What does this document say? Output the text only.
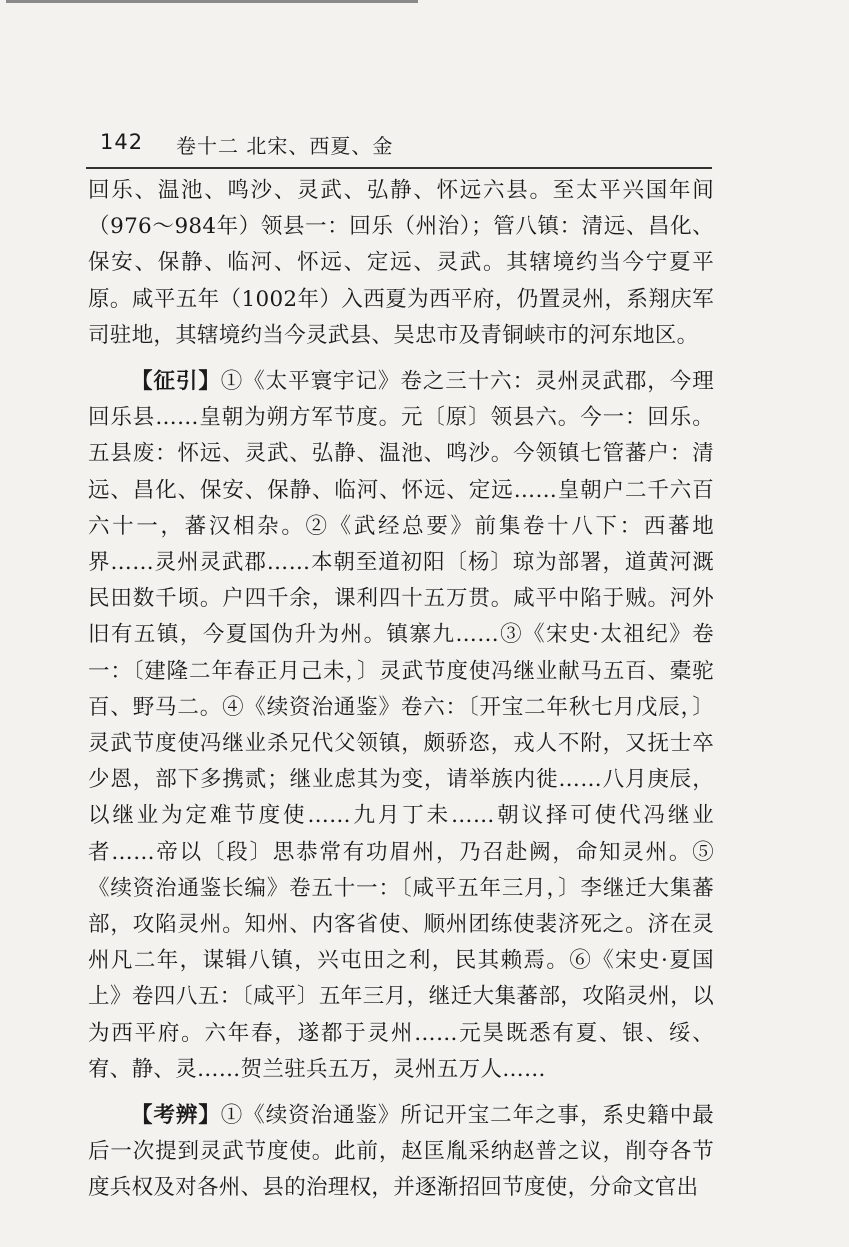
142 卷十二 北宋、西夏、金

回乐、温池、鸣沙、灵武、弘静、怀远六县。至太平兴国年间（976～984年）领县一：回乐（州治）；管八镇：清远、昌化、保安、保静、临河、怀远、定远、灵武。其辖境约当今宁夏平原。咸平五年（1002年）入西夏为西平府，仍置灵州，系翔庆军司驻地，其辖境约当今灵武县、吴忠市及青铜峡市的河东地区。

【征引】①《太平寰宇记》卷之三十六：灵州灵武郡，今理回乐县……皇朝为朔方军节度。元〔原〕领县六。今一：回乐。五县废：怀远、灵武、弘静、温池、鸣沙。今领镇七管蕃户：清远、昌化、保安、保静、临河、怀远、定远……皇朝户二千六百六十一，蕃汉相杂。②《武经总要》前集卷十八下：西蕃地界……灵州灵武郡……本朝至道初阳〔杨〕琼为部署，道黄河溉民田数千顷。户四千余，课利四十五万贯。咸平中陷于贼。河外旧有五镇，今夏国伪升为州。镇寨九……③《宋史·太祖纪》卷一：〔建隆二年春正月己未，〕灵武节度使冯继业献马五百、橐驼百、野马二。④《续资治通鉴》卷六：〔开宝二年秋七月戊辰，〕灵武节度使冯继业杀兄代父领镇，颇骄恣，戎人不附，又抚士卒少恩，部下多携贰；继业虑其为变，请举族内徙……八月庚辰，以继业为定难节度使……九月丁未……朝议择可使代冯继业者……帝以〔段〕思恭常有功眉州，乃召赴阙，命知灵州。⑤《续资治通鉴长编》卷五十一：〔咸平五年三月，〕李继迁大集蕃部，攻陷灵州。知州、内客省使、顺州团练使裴济死之。济在灵州凡二年，谋辑八镇，兴屯田之利，民其赖焉。⑥《宋史·夏国上》卷四八五：〔咸平〕五年三月，继迁大集蕃部，攻陷灵州，以为西平府。六年春，遂都于灵州……元昊既悉有夏、银、绥、宥、静、灵……贺兰驻兵五万，灵州五万人……

【考辨】①《续资治通鉴》所记开宝二年之事，系史籍中最后一次提到灵武节度使。此前，赵匡胤采纳赵普之议，削夺各节度兵权及对各州、县的治理权，并逐渐招回节度使，分命文官出
